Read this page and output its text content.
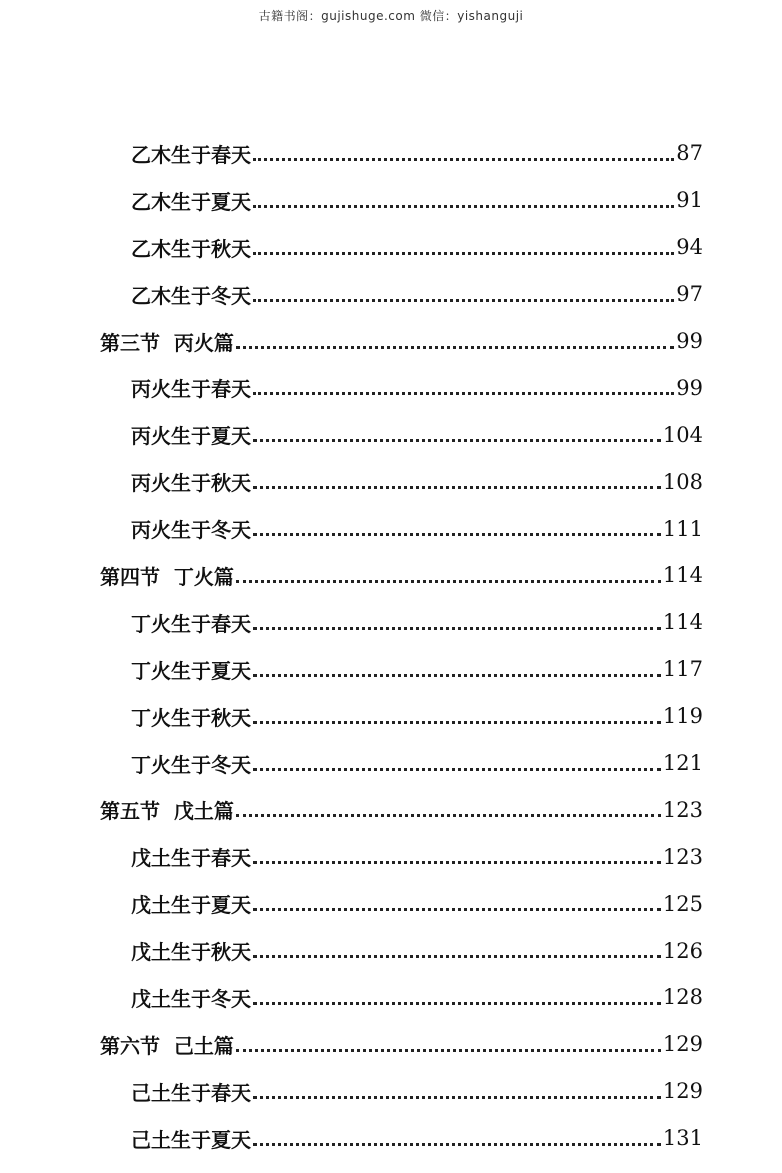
古籍书阁：gujishuge.com 微信：yishanguji
乙木生于春天	87
乙木生于夏天	91
乙木生于秋天	94
乙木生于冬天	97
第三节  丙火篇	99
丙火生于春天	99
丙火生于夏天	104
丙火生于秋天	108
丙火生于冬天	111
第四节  丁火篇	114
丁火生于春天	114
丁火生于夏天	117
丁火生于秋天	119
丁火生于冬天	121
第五节  戊土篇	123
戊土生于春天	123
戊土生于夏天	125
戊土生于秋天	126
戊土生于冬天	128
第六节  己土篇	129
己土生于春天	129
己土生于夏天	131
